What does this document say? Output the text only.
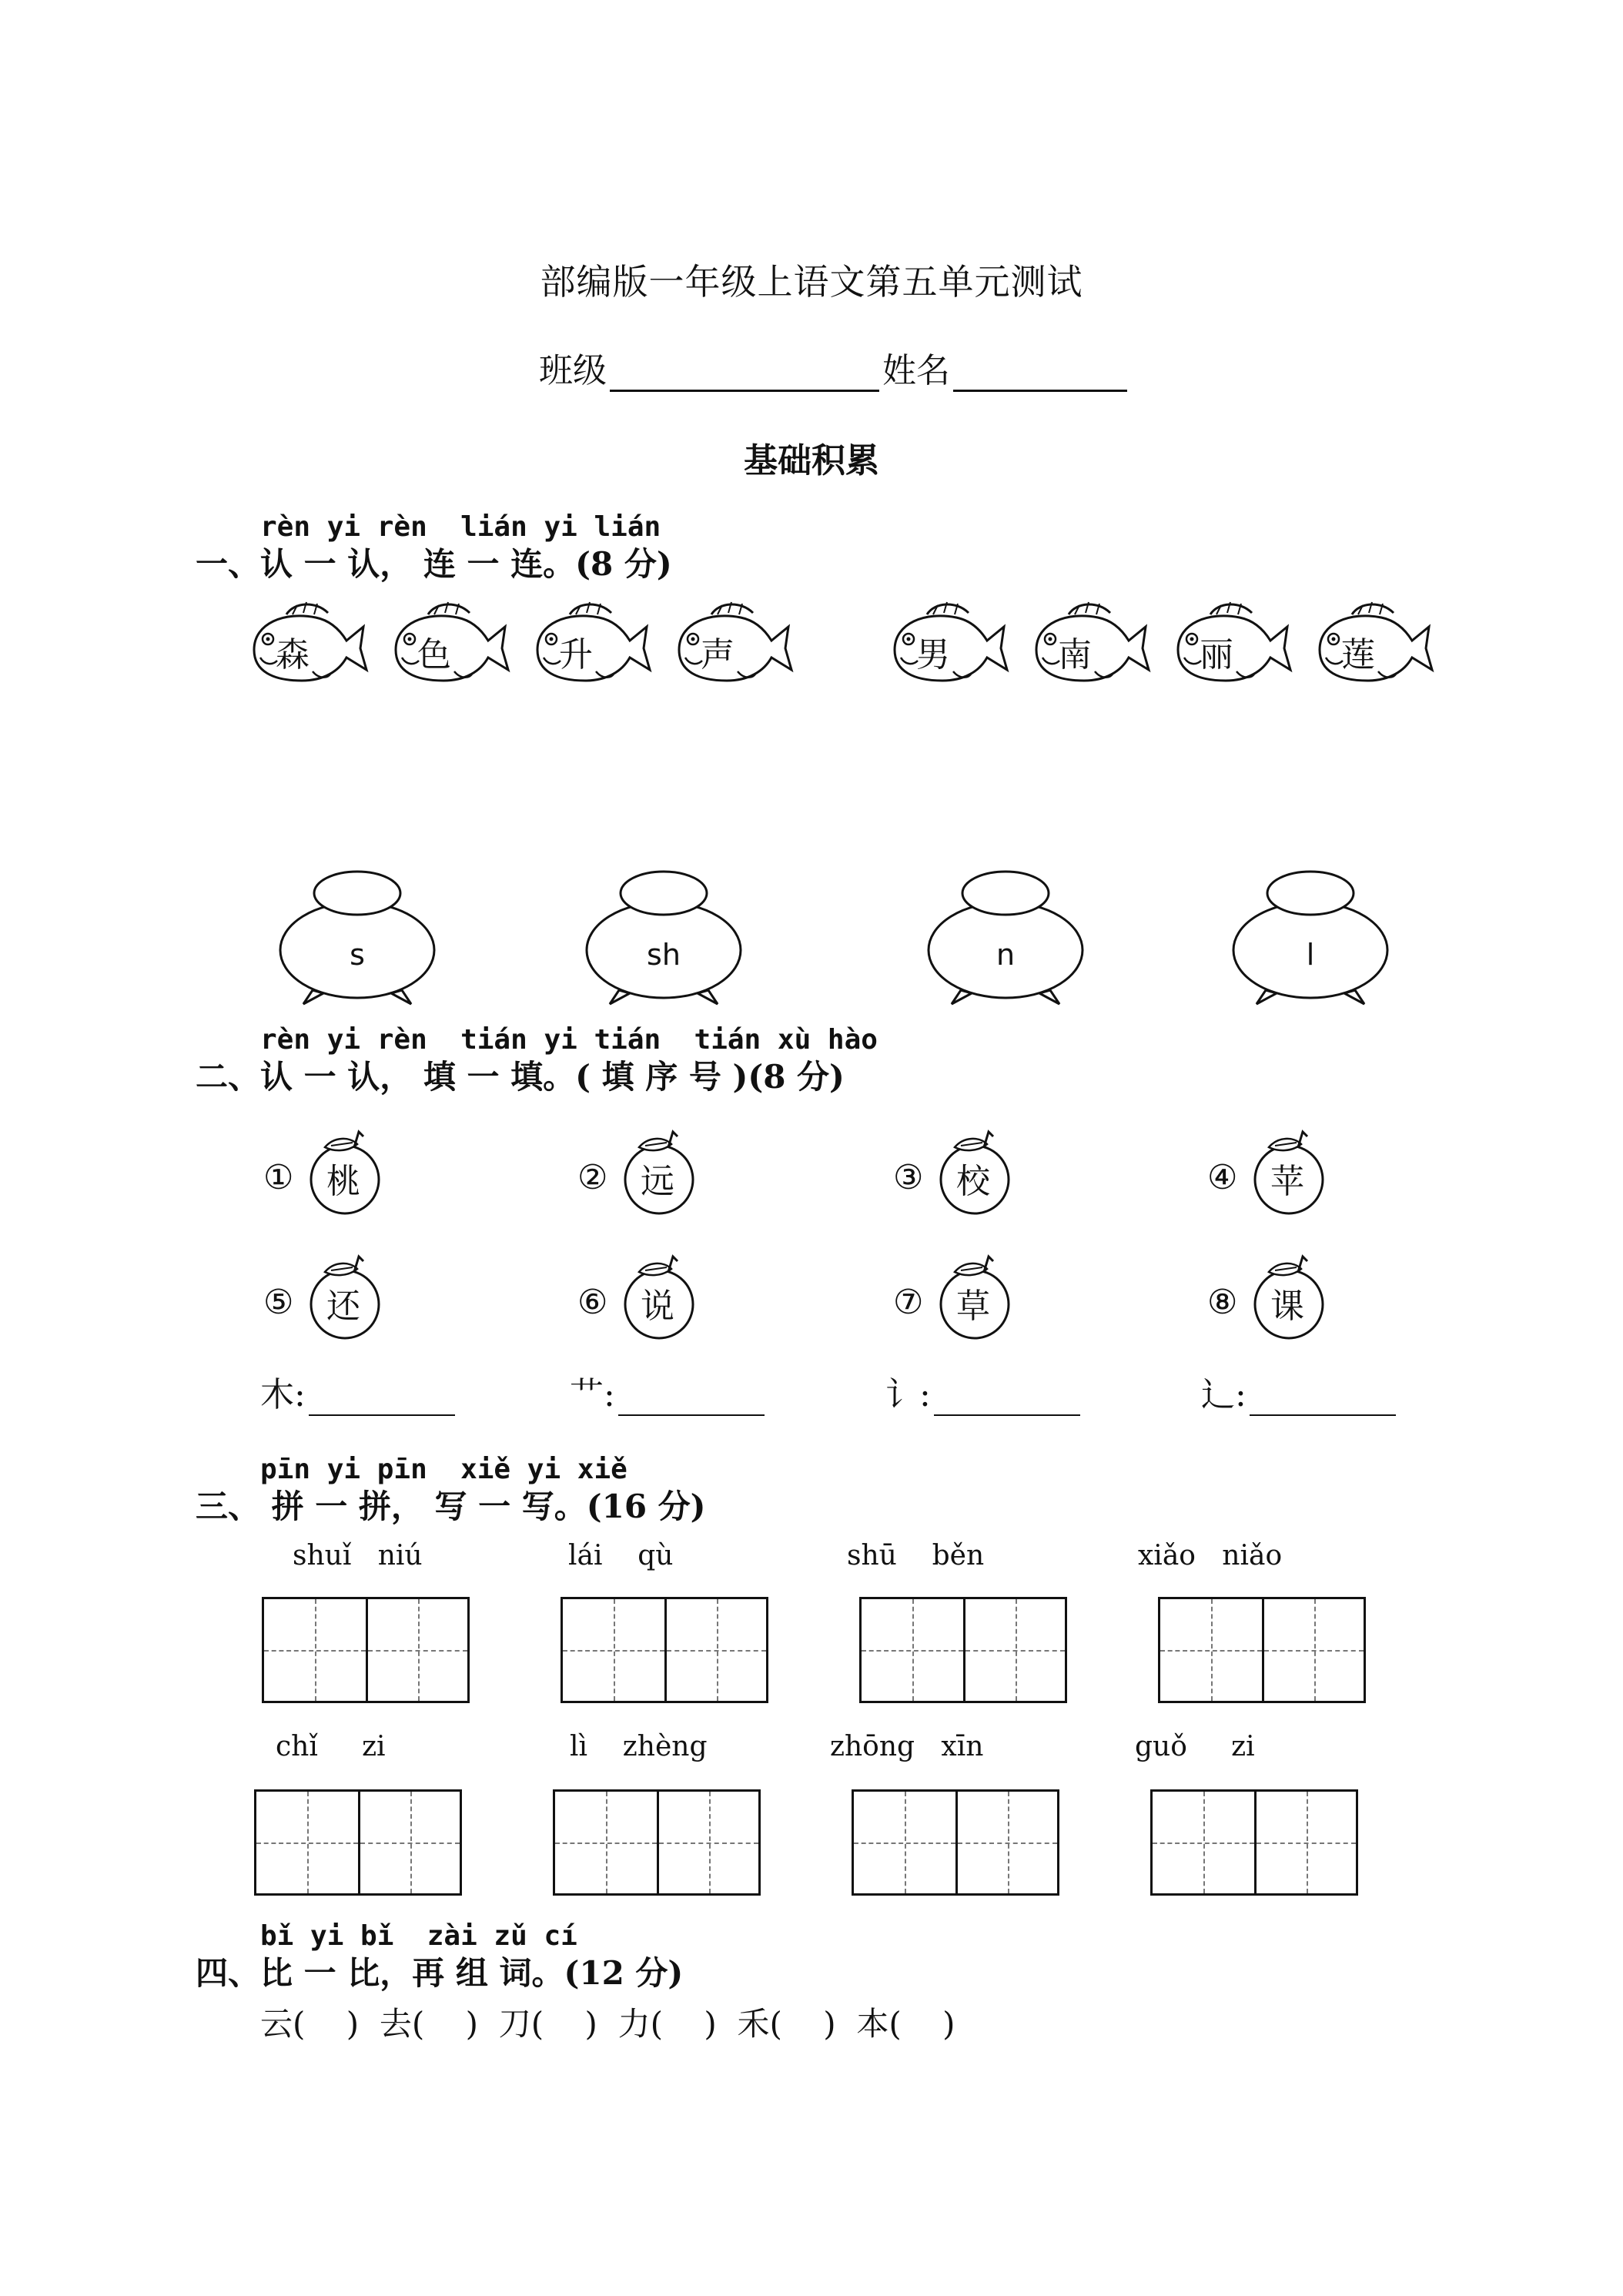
部编版一年级上语文第五单元测试
班级	姓名
基础积累
rèn yi rèn  lián yi lián
一、认 一 认， 连 一 连。(8 分)
森	色	升	声	男	南	丽	莲
s	sh	n	l
rèn yi rèn  tián yi tián  tián xù hào
二、认 一 认， 填 一 填。( 填 序 号 )(8 分)
① 桃	② 远	③ 校	④ 苹
⑤ 还	⑥ 说	⑦ 草	⑧ 课
木:	艹:	讠:	辶:
pīn yi pīn  xiě yi xiě
三、 拼 一 拼， 写 一 写。(16 分)
shuǐ   niú	lái    qù	shū    běn	xiǎo   niǎo
chǐ     zi	lì    zhèng	zhōng   xīn	guǒ     zi
bǐ yi bǐ  zài zǔ cí
四、比 一 比，再 组 词。(12 分)
云(    )  去(    )  刀(    )  力(    )  禾(    )  本(    )
